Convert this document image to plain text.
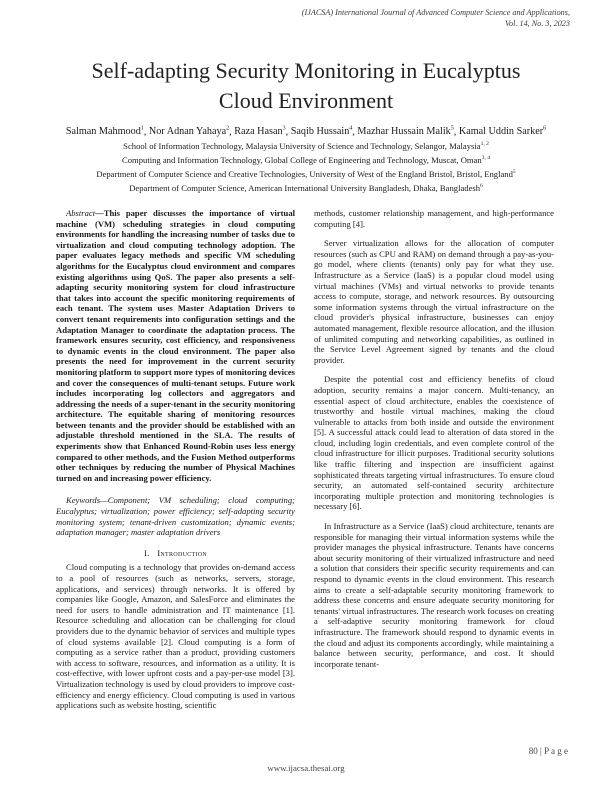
(IJACSA) International Journal of Advanced Computer Science and Applications,
Vol. 14, No. 3, 2023
Self-adapting Security Monitoring in Eucalyptus
Cloud Environment
Salman Mahmood$^1$, Nor Adnan Yahaya$^2$, Raza Hasan$^3$, Saqib Hussain$^4$, Mazhar Hussain Malik$^5$, Kamal Uddin Sarker$^6$
School of Information Technology, Malaysia University of Science and Technology, Selangor, Malaysia$^{1, 2}$
Computing and Information Technology, Global College of Engineering and Technology, Muscat, Oman$^{3, 4}$
Department of Computer Science and Creative Technologies, University of West of the England Bristol, Bristol, England$^5$
Department of Computer Science, American International University Bangladesh, Dhaka, Bangladesh$^6$

Abstract—This paper discusses the importance of virtual machine (VM) scheduling strategies in cloud computing environments for handling the increasing number of tasks due to virtualization and cloud computing technology adoption. The paper evaluates legacy methods and specific VM scheduling algorithms for the Eucalyptus cloud environment and compares existing algorithms using QoS. The paper also presents a self-adapting security monitoring system for cloud infrastructure that takes into account the specific monitoring requirements of each tenant. The system uses Master Adaptation Drivers to convert tenant requirements into configuration settings and the Adaptation Manager to coordinate the adaptation process. The framework ensures security, cost efficiency, and responsiveness to dynamic events in the cloud environment. The paper also presents the need for improvement in the current security monitoring platform to support more types of monitoring devices and cover the consequences of multi-tenant setups. Future work includes incorporating log collectors and aggregators and addressing the needs of a super-tenant in the security monitoring architecture. The equitable sharing of monitoring resources between tenants and the provider should be established with an adjustable threshold mentioned in the SLA. The results of experiments show that Enhanced Round-Robin uses less energy compared to other methods, and the Fusion Method outperforms other techniques by reducing the number of Physical Machines turned on and increasing power efficiency.

Keywords—Component; VM scheduling; cloud computing; Eucalyptus; virtualization; power efficiency; self-adapting security monitoring system; tenant-driven customization; dynamic events; adaptation manager; master adaptation drivers

I. Introduction

Cloud computing is a technology that provides on-demand access to a pool of resources (such as networks, servers, storage, applications, and services) through networks. It is offered by companies like Google, Amazon, and SalesForce and eliminates the need for users to handle administration and IT maintenance [1]. Resource scheduling and allocation can be challenging for cloud providers due to the dynamic behavior of services and multiple types of cloud systems available [2]. Cloud computing is a form of computing as a service rather than a product, providing customers with access to software, resources, and information as a utility. It is cost-effective, with lower upfront costs and a pay-per-use model [3]. Virtualization technology is used by cloud providers to improve cost-efficiency and energy efficiency. Cloud computing is used in various applications such as website hosting, scientific

methods, customer relationship management, and high-performance computing [4].

Server virtualization allows for the allocation of computer resources (such as CPU and RAM) on demand through a pay-as-you-go model, where clients (tenants) only pay for what they use. Infrastructure as a Service (IaaS) is a popular cloud model using virtual machines (VMs) and virtual networks to provide tenants access to compute, storage, and network resources. By outsourcing some information systems through the virtual infrastructure on the cloud provider's physical infrastructure, businesses can enjoy automated management, flexible resource allocation, and the illusion of unlimited computing and networking capabilities, as outlined in the Service Level Agreement signed by tenants and the cloud provider.

Despite the potential cost and efficiency benefits of cloud adoption, security remains a major concern. Multi-tenancy, an essential aspect of cloud architecture, enables the coexistence of trustworthy and hostile virtual machines, making the cloud vulnerable to attacks from both inside and outside the environment [5]. A successful attack could lead to alteration of data stored in the cloud, including login credentials, and even complete control of the cloud infrastructure for illicit purposes. Traditional security solutions like traffic filtering and inspection are insufficient against sophisticated threats targeting virtual infrastructures. To ensure cloud security, an automated self-contained security architecture incorporating multiple protection and monitoring technologies is necessary [6].

In Infrastructure as a Service (IaaS) cloud architecture, tenants are responsible for managing their virtual information systems while the provider manages the physical infrastructure. Tenants have concerns about security monitoring of their virtualized infrastructure and need a solution that considers their specific security requirements and can respond to dynamic events in the cloud environment. This research aims to create a self-adaptable security monitoring framework to address these concerns and ensure adequate security monitoring for tenants' virtual infrastructures. The research work focuses on creating a self-adaptive security monitoring framework for cloud infrastructure. The framework should respond to dynamic events in the cloud and adjust its components accordingly, while maintaining a balance between security, performance, and cost. It should incorporate tenant-

80 | P a g e
www.ijacsa.thesai.org
